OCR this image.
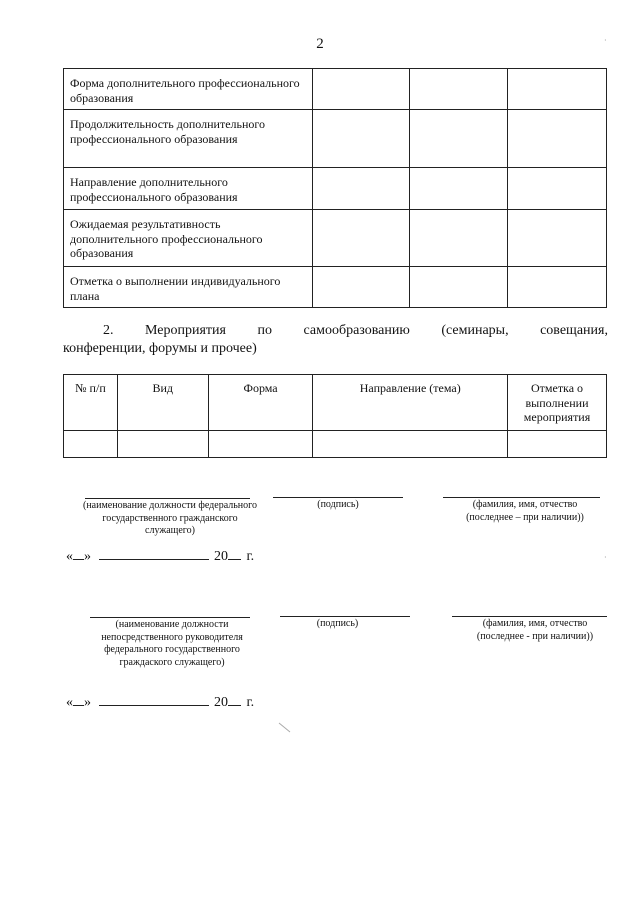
2
Форма дополнительного профессионального образования			
Продолжительность дополнительного профессионального образования			
Направление дополнительного профессионального образования			
Ожидаемая результативность дополнительного профессионального образования			
Отметка о выполнении индивидуального плана			
2. Мероприятия по самообразованию (семинары, совещания,
конференции, форумы и прочее)
№ п/п	Вид	Форма	Направление (тема)	Отметка о выполнении мероприятия

(наименование должности федерального государственного гражданского служащего)
(подпись)	(фамилия, имя, отчество (последнее – при наличии))
« »	20 г.
(наименование должности непосредственного руководителя федерального государственного граждаского служащего)
(подпись)	(фамилия, имя, отчество (последнее - при наличии))
« »	20 г.
·
·
